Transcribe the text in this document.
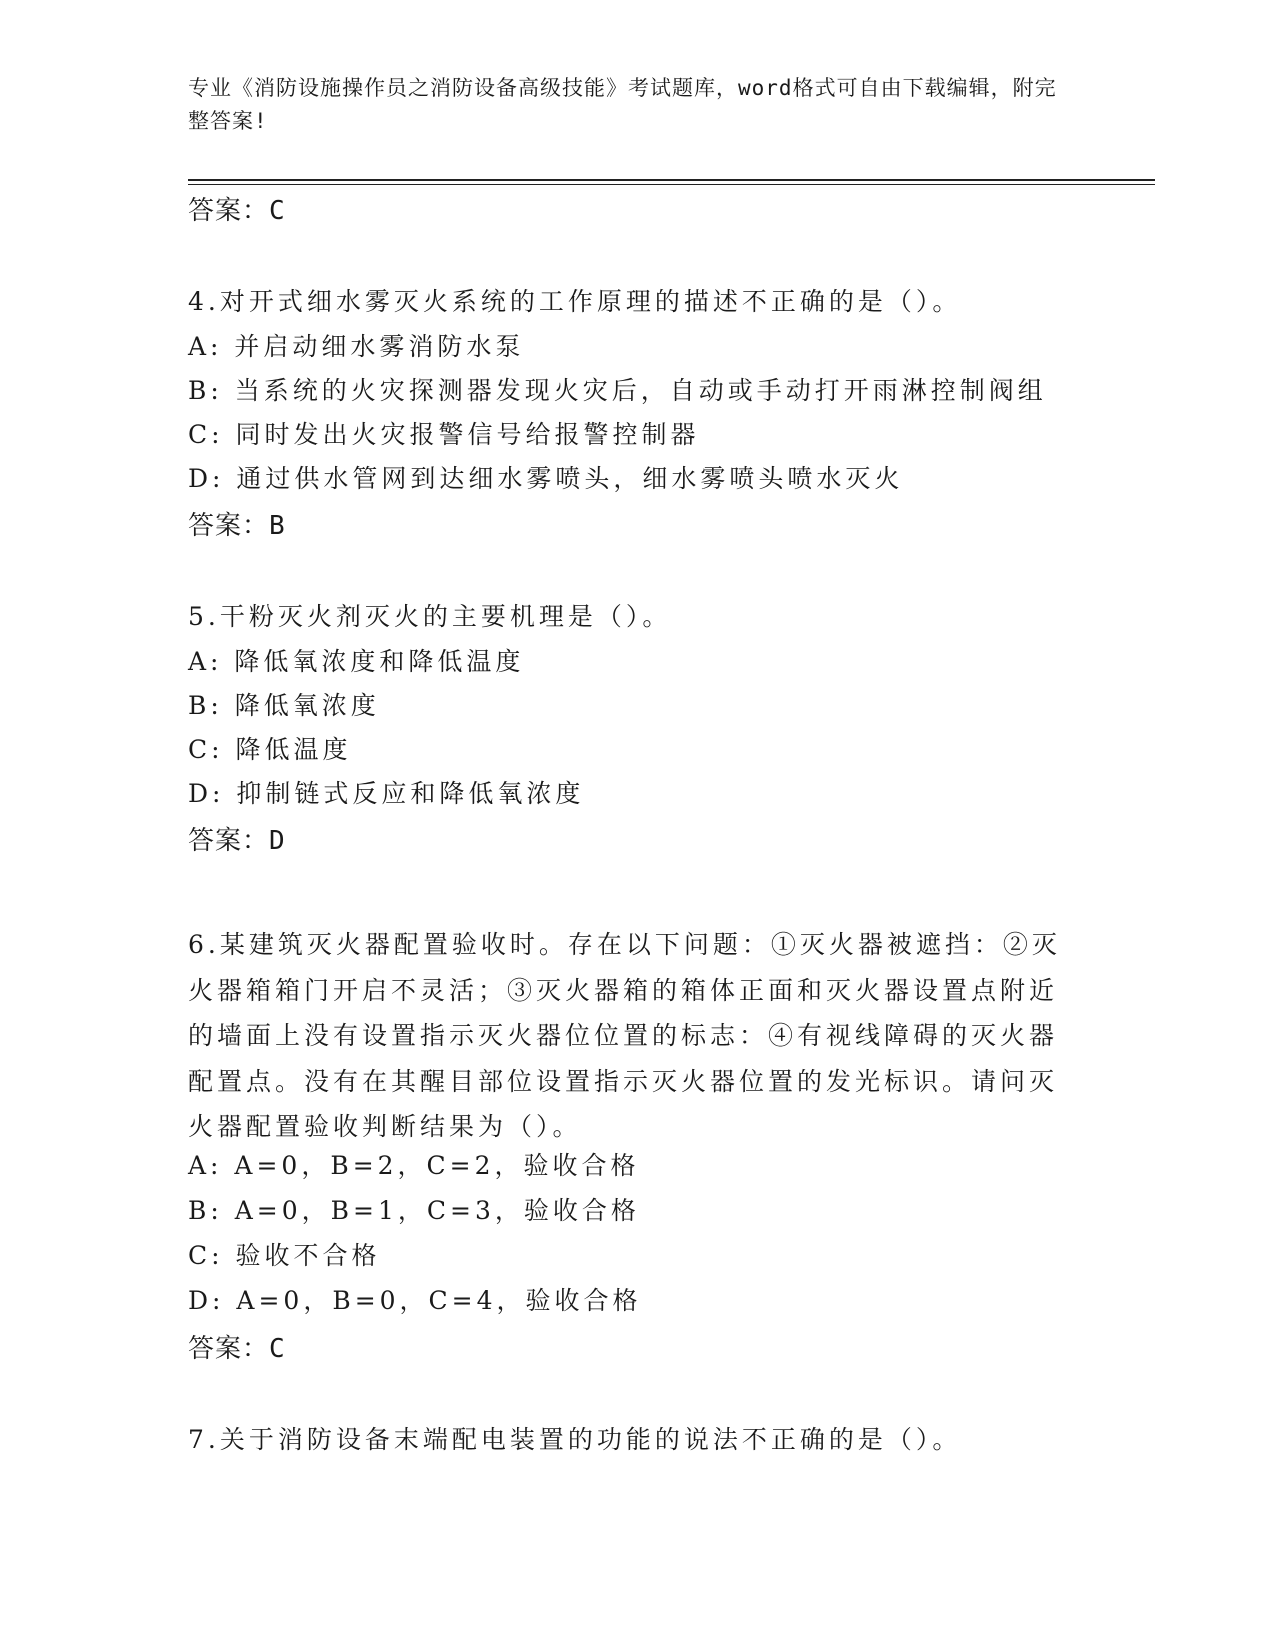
专业《消防设施操作员之消防设备高级技能》考试题库，word格式可自由下载编辑，附完整答案!
答案：C
4.对开式细水雾灭火系统的工作原理的描述不正确的是（）。
A: 并启动细水雾消防水泵
B: 当系统的火灾探测器发现火灾后，自动或手动打开雨淋控制阀组
C: 同时发出火灾报警信号给报警控制器
D: 通过供水管网到达细水雾喷头，细水雾喷头喷水灭火
答案：B
5.干粉灭火剂灭火的主要机理是（）。
A: 降低氧浓度和降低温度
B: 降低氧浓度
C: 降低温度
D: 抑制链式反应和降低氧浓度
答案：D
6.某建筑灭火器配置验收时。存在以下问题：①灭火器被遮挡：②灭火器箱箱门开启不灵活；③灭火器箱的箱体正面和灭火器设置点附近的墙面上没有设置指示灭火器位位置的标志：④有视线障碍的灭火器配置点。没有在其醒目部位设置指示灭火器位置的发光标识。请问灭火器配置验收判断结果为（）。
A: A=0，B=2，C=2，验收合格
B: A=0，B=1，C=3，验收合格
C: 验收不合格
D: A=0，B=0，C=4，验收合格
答案：C
7.关于消防设备末端配电装置的功能的说法不正确的是（）。
